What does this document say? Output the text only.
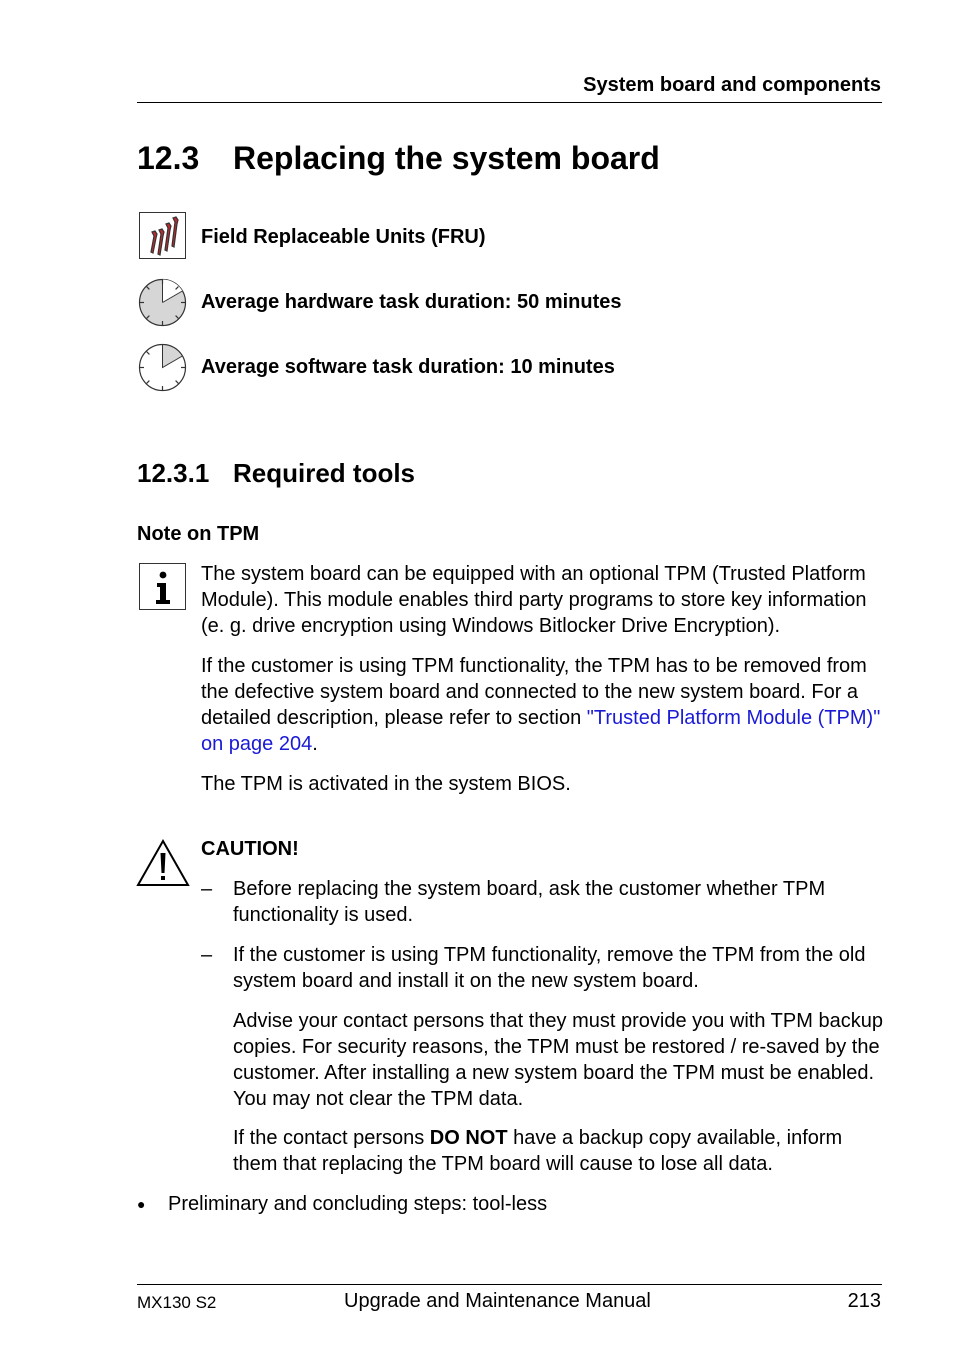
System board and components
12.3 Replacing the system board
Field Replaceable Units (FRU)
Average hardware task duration: 50 minutes
Average software task duration: 10 minutes
12.3.1 Required tools
Note on TPM

The system board can be equipped with an optional TPM (Trusted Platform Module). This module enables third party programs to store key information (e. g. drive encryption using Windows Bitlocker Drive Encryption).

If the customer is using TPM functionality, the TPM has to be removed from the defective system board and connected to the new system board. For a detailed description, please refer to section "Trusted Platform Module (TPM)" on page 204.

The TPM is activated in the system BIOS.

CAUTION!
– Before replacing the system board, ask the customer whether TPM functionality is used.
– If the customer is using TPM functionality, remove the TPM from the old system board and install it on the new system board.
Advise your contact persons that they must provide you with TPM backup copies. For security reasons, the TPM must be restored / re-saved by the customer. After installing a new system board the TPM must be enabled. You may not clear the TPM data.
If the contact persons DO NOT have a backup copy available, inform them that replacing the TPM board will cause to lose all data.
● Preliminary and concluding steps: tool-less
MX130 S2	Upgrade and Maintenance Manual	213
